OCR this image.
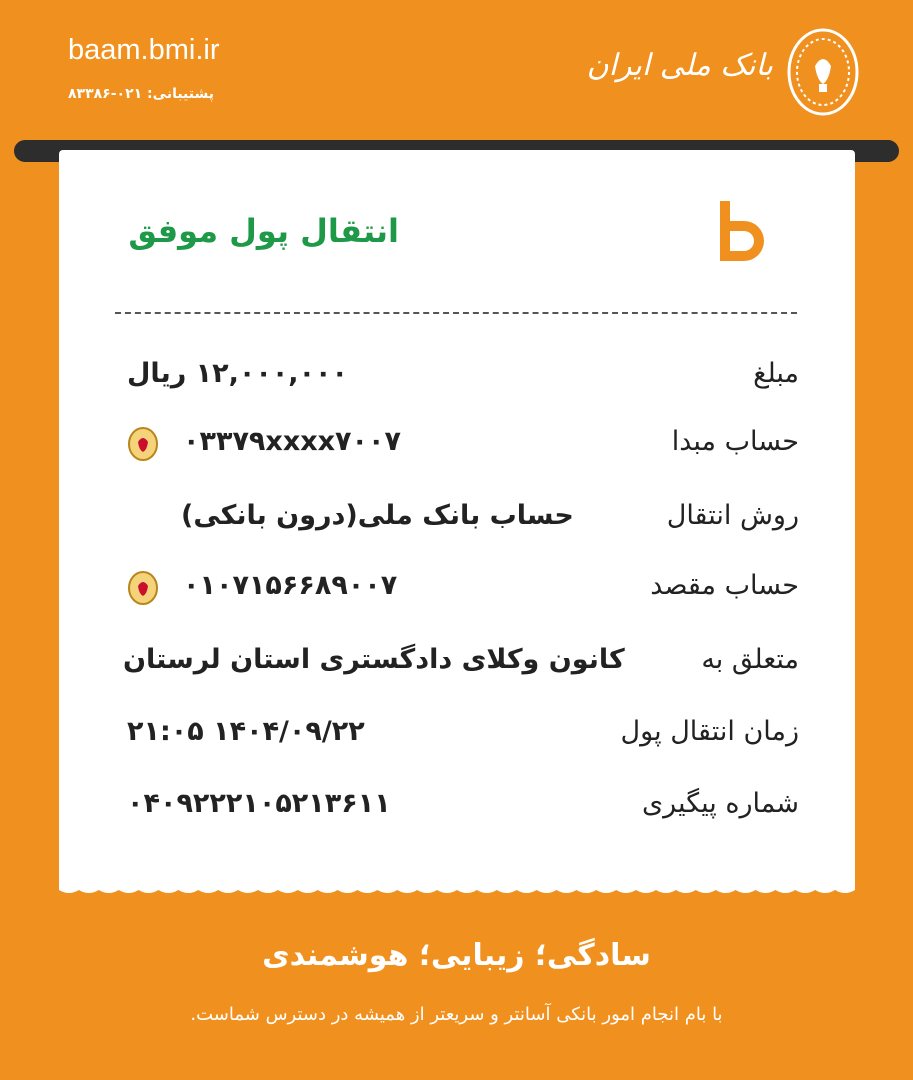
baam.bmi.ir
پشتیبانی: ۰۲۱-۸۳۳۸۶
بانک ملی ایران
انتقال پول موفق
مبلغ
۱۲,۰۰۰,۰۰۰ ریال
حساب مبدا
۰۳۳۷۹xxxx۷۰۰۷
روش انتقال
حساب بانک ملی(درون بانکی)
حساب مقصد
۰۱۰۷۱۵۶۶۸۹۰۰۷
متعلق به
کانون وکلای دادگستری استان لرستان
زمان انتقال پول
۱۴۰۴/۰۹/۲۲ ۲۱:۰۵
شماره پیگیری
۰۴۰۹۲۲۲۱۰۵۲۱۳۶۱۱
سادگی؛ زیبایی؛ هوشمندی
با بام انجام امور بانکی آسانتر و سریعتر از همیشه در دسترس شماست.
